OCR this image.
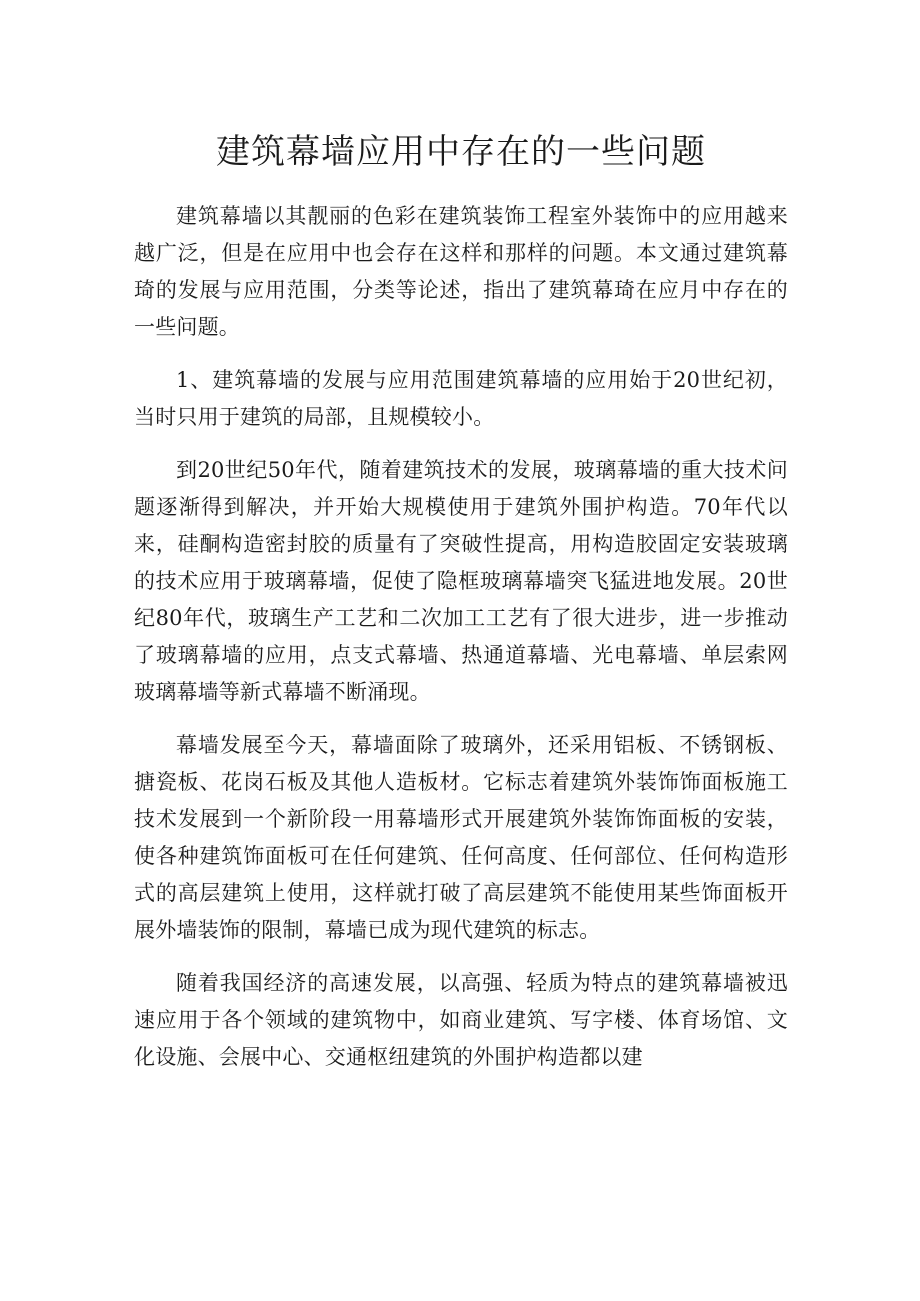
建筑幕墙应用中存在的一些问题

建筑幕墙以其靓丽的色彩在建筑装饰工程室外装饰中的应用越来越广泛，但是在应用中也会存在这样和那样的问题。本文通过建筑幕琦的发展与应用范围，分类等论述，指出了建筑幕琦在应月中存在的一些问题。

1、建筑幕墙的发展与应用范围建筑幕墙的应用始于20世纪初，当时只用于建筑的局部，且规模较小。

到20世纪50年代，随着建筑技术的发展，玻璃幕墙的重大技术问题逐渐得到解决，并开始大规模使用于建筑外围护构造。70年代以来，硅酮构造密封胶的质量有了突破性提高，用构造胶固定安装玻璃的技术应用于玻璃幕墙，促使了隐框玻璃幕墙突飞猛进地发展。20世纪80年代，玻璃生产工艺和二次加工工艺有了很大进步，进一步推动了玻璃幕墙的应用，点支式幕墙、热通道幕墙、光电幕墙、单层索网玻璃幕墙等新式幕墙不断涌现。

幕墙发展至今天，幕墙面除了玻璃外，还采用铝板、不锈钢板、搪瓷板、花岗石板及其他人造板材。它标志着建筑外装饰饰面板施工技术发展到一个新阶段一用幕墙形式开展建筑外装饰饰面板的安装，使各种建筑饰面板可在任何建筑、任何高度、任何部位、任何构造形式的高层建筑上使用，这样就打破了高层建筑不能使用某些饰面板开展外墙装饰的限制，幕墙已成为现代建筑的标志。

随着我国经济的高速发展，以高强、轻质为特点的建筑幕墙被迅速应用于各个领域的建筑物中，如商业建筑、写字楼、体育场馆、文化设施、会展中心、交通枢纽建筑的外围护构造都以建
